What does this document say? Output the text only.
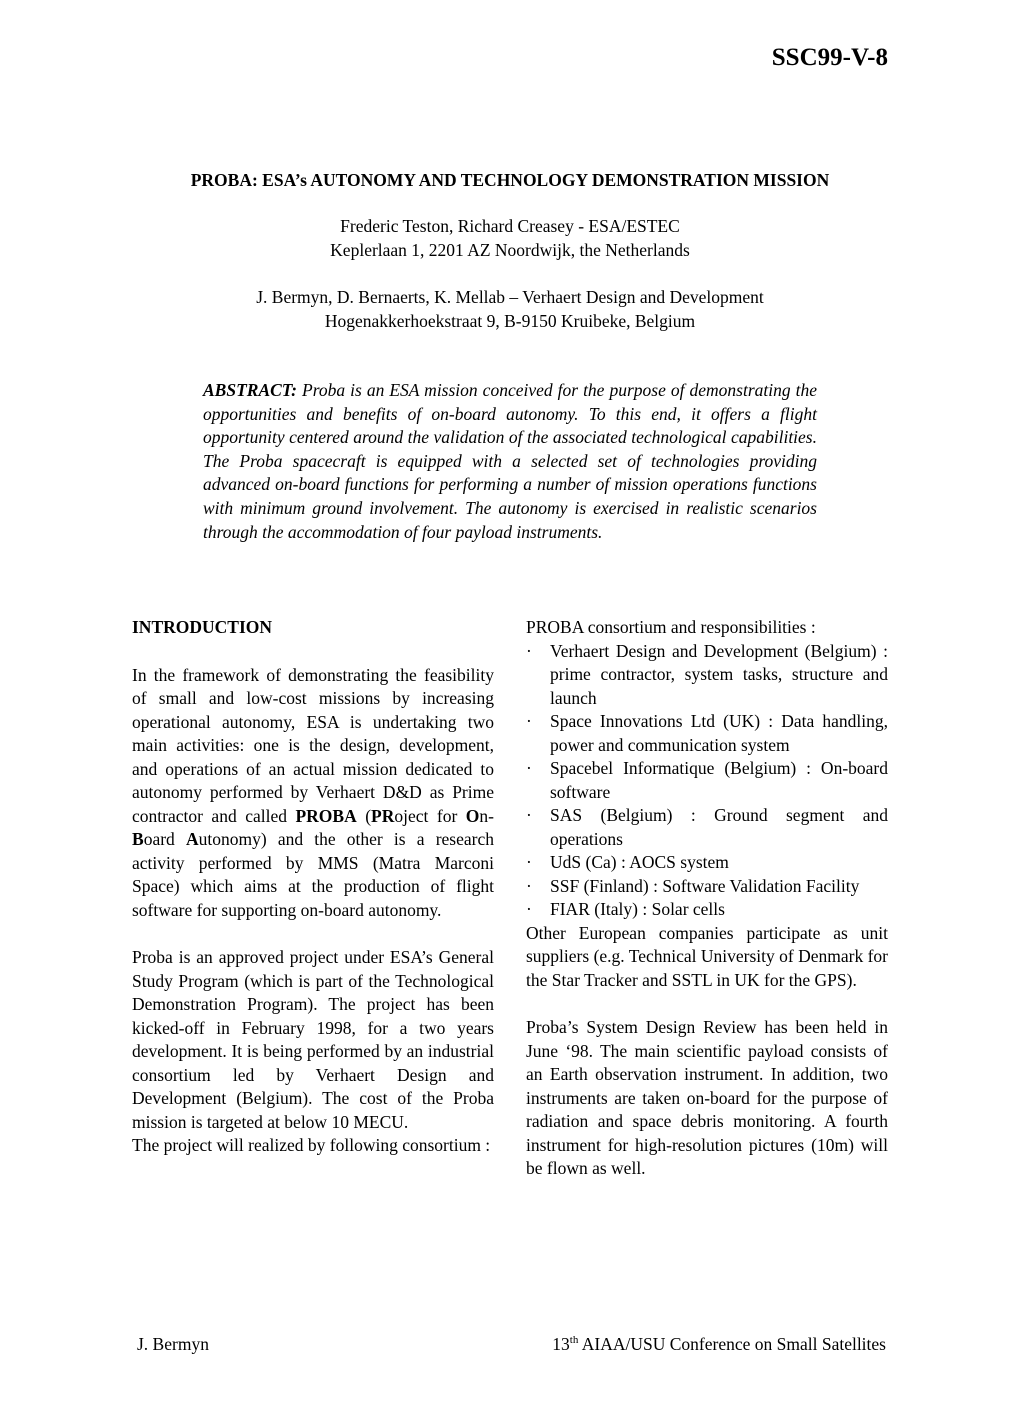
SSC99-V-8
PROBA: ESA’s AUTONOMY AND TECHNOLOGY DEMONSTRATION MISSION
Frederic Teston, Richard Creasey - ESA/ESTEC
Keplerlaan 1, 2201 AZ Noordwijk, the Netherlands
J. Bermyn, D. Bernaerts, K. Mellab – Verhaert Design and Development
Hogenakkerhoekstraat 9, B-9150 Kruibeke, Belgium

ABSTRACT: Proba is an ESA mission conceived for the purpose of demonstrating the opportunities and benefits of on-board autonomy. To this end, it offers a flight opportunity centered around the validation of the associated technological capabilities. The Proba spacecraft is equipped with a selected set of technologies providing advanced on-board functions for performing a number of mission operations functions with minimum ground involvement. The autonomy is exercised in realistic scenarios through the accommodation of four payload instruments.

INTRODUCTION

In the framework of demonstrating the feasibility of small and low-cost missions by increasing operational autonomy, ESA is undertaking two main activities: one is the design, development, and operations of an actual mission dedicated to autonomy performed by Verhaert D&D as Prime contractor and called PROBA (PRoject for On-Board Autonomy) and the other is a research activity performed by MMS (Matra Marconi Space) which aims at the production of flight software for supporting on-board autonomy.

Proba is an approved project under ESA’s General Study Program (which is part of the Technological Demonstration Program). The project has been kicked-off in February 1998, for a two years development. It is being performed by an industrial consortium led by Verhaert Design and Development (Belgium). The cost of the Proba mission is targeted at below 10 MECU.

The project will realized by following consortium :

PROBA consortium and responsibilities :

· Verhaert Design and Development (Belgium) : prime contractor, system tasks, structure and launch
· Space Innovations Ltd (UK) : Data handling, power and communication system
· Spacebel Informatique (Belgium) : On-board software
· SAS (Belgium) : Ground segment and operations
· UdS (Ca) : AOCS system
· SSF (Finland) : Software Validation Facility
· FIAR (Italy) : Solar cells

Other European companies participate as unit suppliers (e.g. Technical University of Denmark for the Star Tracker and SSTL in UK for the GPS).

Proba’s System Design Review has been held in June ‘98. The main scientific payload consists of an Earth observation instrument. In addition, two instruments are taken on-board for the purpose of radiation and space debris monitoring. A fourth instrument for high-resolution pictures (10m) will be flown as well.

J. Bermyn	13th AIAA/USU Conference on Small Satellites
